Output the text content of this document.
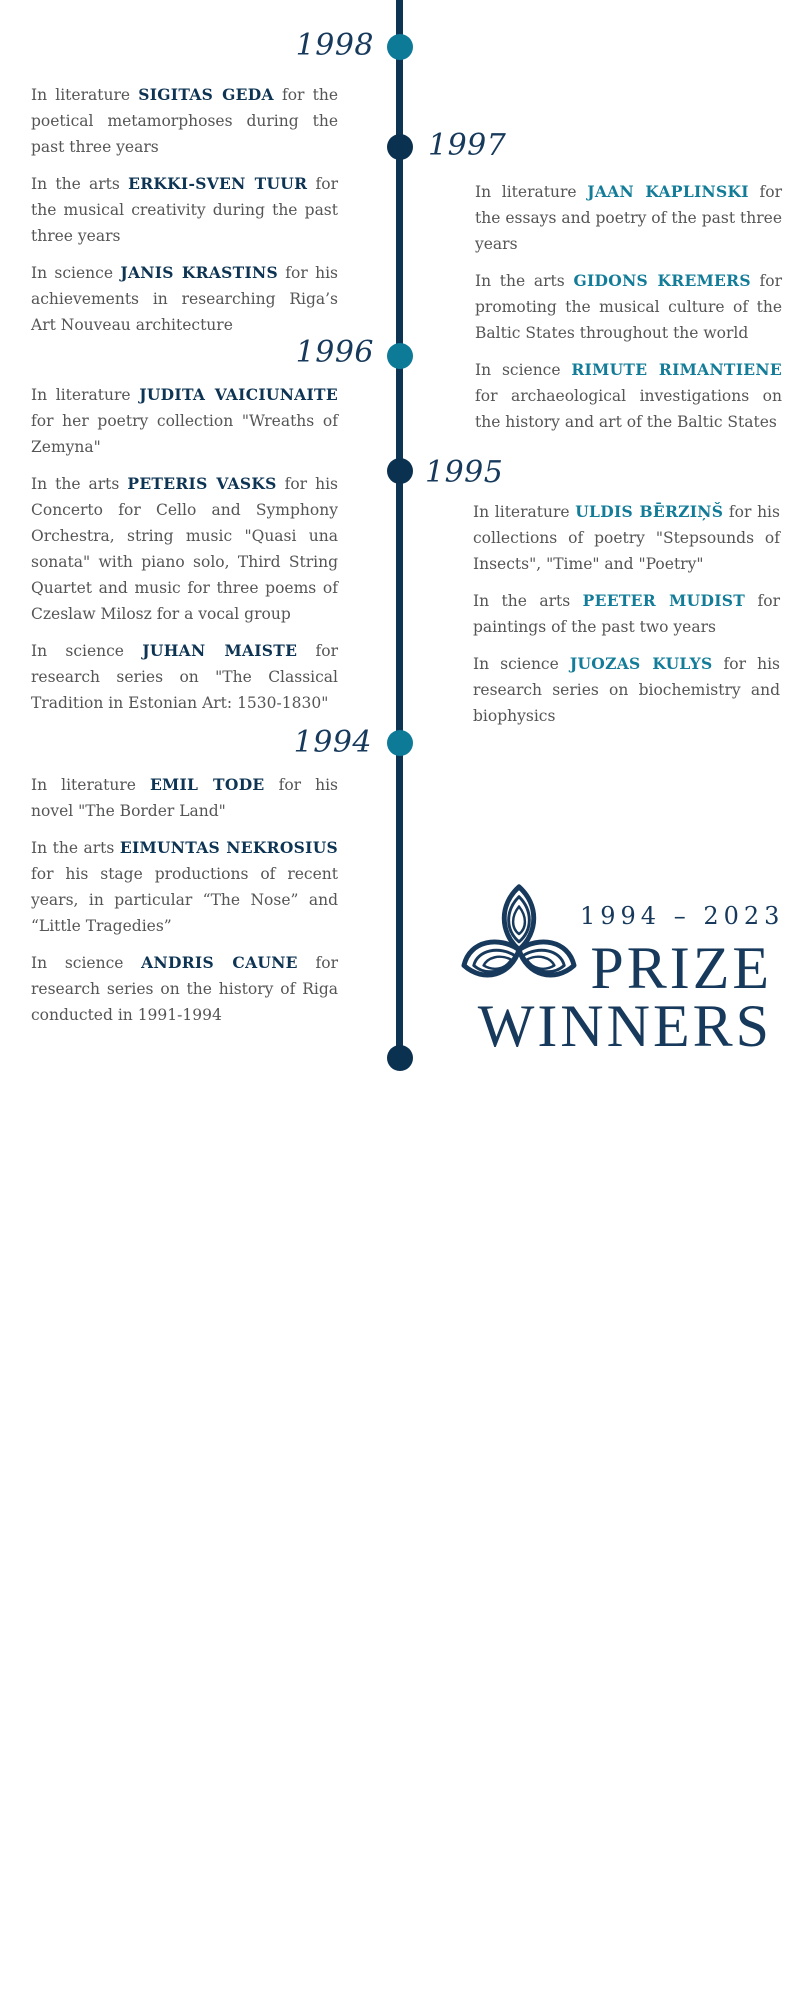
1998

In literature SIGITAS GEDA for the poetical metamorphoses during the past three years

In the arts ERKKI-SVEN TUUR for the musical creativity during the past three years

In science JANIS KRASTINS for his achievements in researching Riga’s Art Nouveau architecture

1997

In literature JAAN KAPLINSKI for the essays and poetry of the past three years

In the arts GIDONS KREMERS for promoting the musical culture of the Baltic States throughout the world

In science RIMUTE RIMANTIENE for archaeological investigations on the history and art of the Baltic States

1996

In literature JUDITA VAICIUNAITE for her poetry collection "Wreaths of Zemyna"

In the arts PETERIS VASKS for his Concerto for Cello and Symphony Orchestra, string music "Quasi una sonata" with piano solo, Third String Quartet and music for three poems of Czeslaw Milosz for a vocal group

In science JUHAN MAISTE for research series on "The Classical Tradition in Estonian Art: 1530-1830"

1995

In literature ULDIS BĒRZIŅŠ for his collections of poetry "Stepsounds of Insects", "Time" and "Poetry"

In the arts PEETER MUDIST for paintings of the past two years

In science JUOZAS KULYS for his research series on biochemistry and biophysics

1994

In literature EMIL TODE for his novel "The Border Land"

In the arts EIMUNTAS NEKROSIUS for his stage productions of recent years, in particular “The Nose” and “Little Tragedies”

In science ANDRIS CAUNE for research series on the history of Riga conducted in 1991-1994

1994 – 2023
PRIZE
WINNERS
